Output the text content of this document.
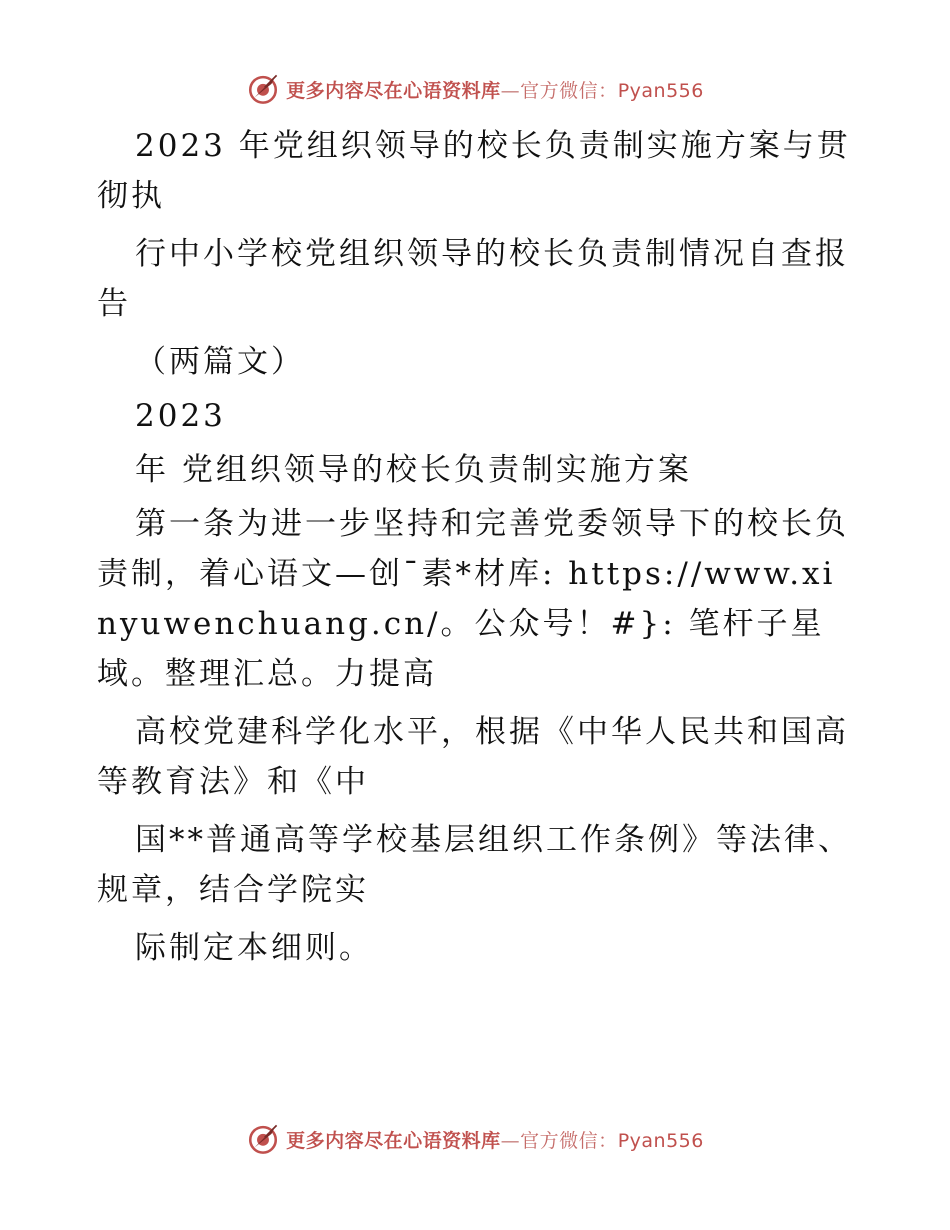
更多内容尽在心语资料库—官方微信：Pyan556

2023 年党组织领导的校长负责制实施方案与贯彻执

行中小学校党组织领导的校长负责制情况自查报告

（两篇文）

2023

年 党组织领导的校长负责制实施方案

第一条为进一步坚持和完善党委领导下的校长负责制，着心语文—创¯素*材库: https://www.xinyuwenchuang.cn/。公众号！#}: 笔杆子星域。整理汇总。力提高

高校党建科学化水平，根据《中华人民共和国高等教育法》和《中

国**普通高等学校基层组织工作条例》等法律、规章，结合学院实

际制定本细则。

更多内容尽在心语资料库—官方微信：Pyan556
